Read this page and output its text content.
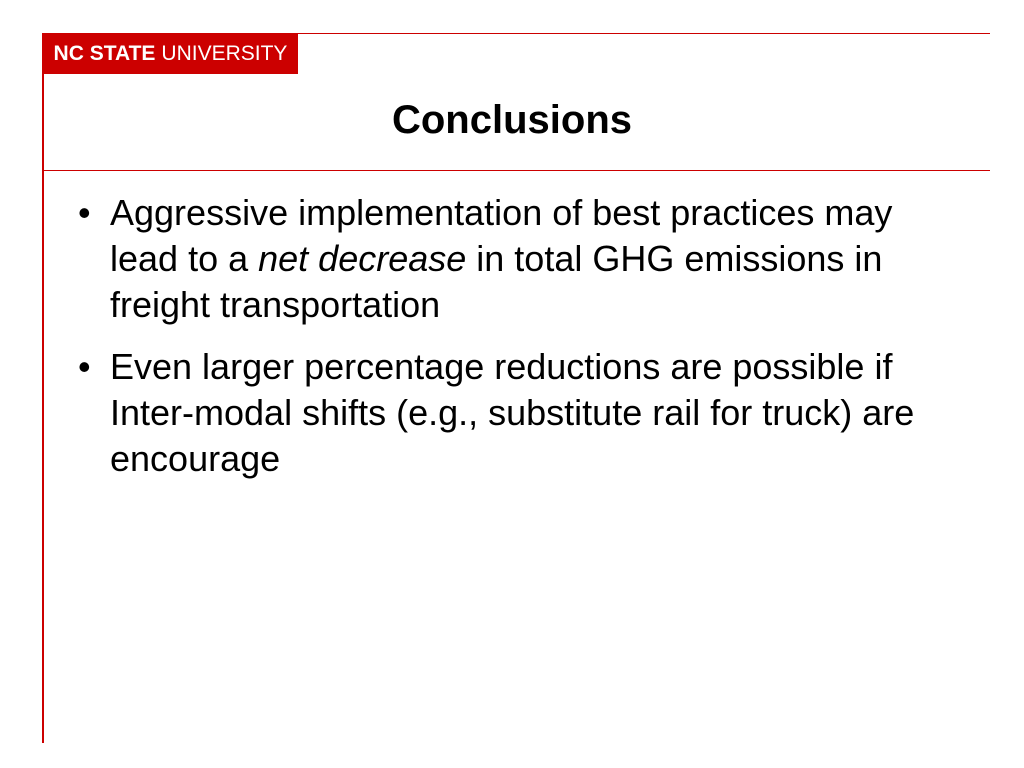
NC STATE UNIVERSITY
Conclusions
• Aggressive implementation of best practices may lead to a net decrease in total GHG emissions in freight transportation
• Even larger percentage reductions are possible if Inter-modal shifts (e.g., substitute rail for truck) are encourage
